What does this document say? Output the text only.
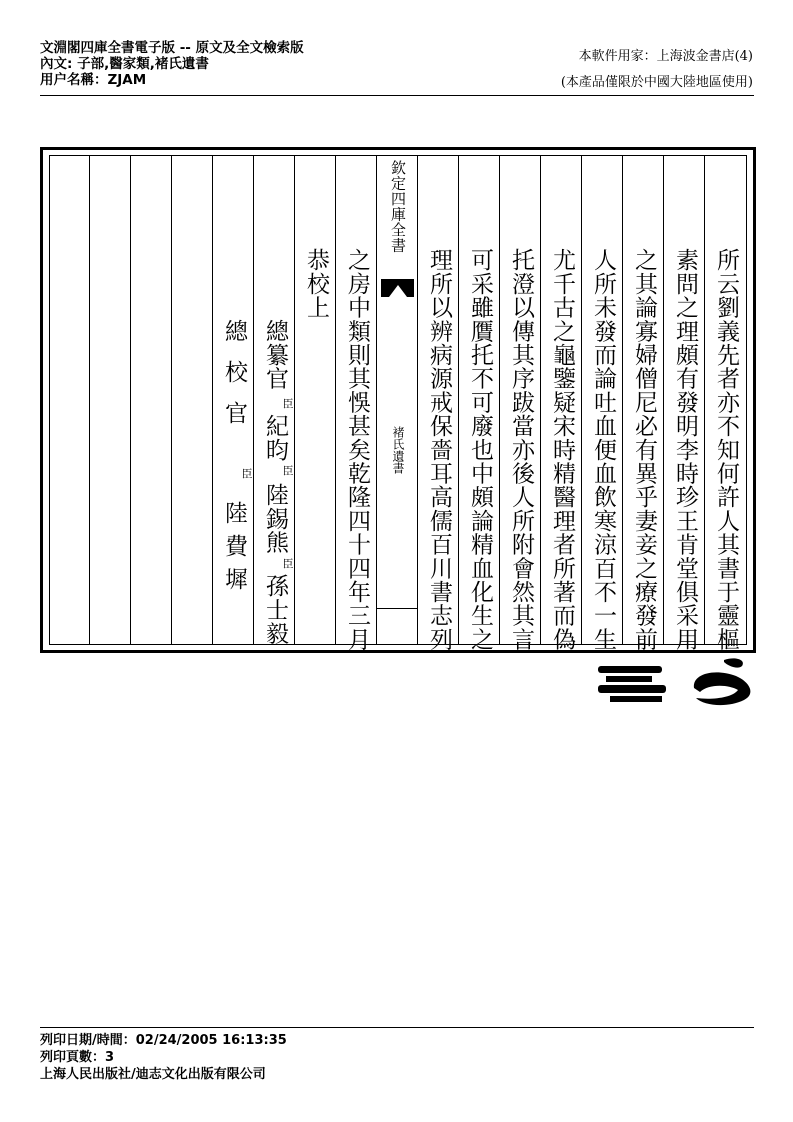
文淵閣四庫全書電子版 -- 原文及全文檢索版
內文: 子部,醫家類,褚氏遺書
用户名稱：ZJAM
本軟件用家：上海波金書店(4)
(本產品僅限於中國大陸地區使用)
所云劉義先者亦不知何許人其書于靈樞
素問之理頗有發明李時珍王肯堂俱采用
之其論寡婦僧尼必有異乎妻妾之療發前
人所未發而論吐血便血飲寒涼百不一生
尤千古之龜鑒疑宋時精醫理者所著而偽
托澄以傳其序跋當亦後人所附會然其言
可采雖贋托不可廢也中頗論精血化生之
理所以辨病源戒保嗇耳高儒百川書志列
欽定四庫全書
褚氏遺書
之房中類則其悞甚矣乾隆四十四年三月
恭校上
總纂官
臣
紀昀
臣
陸錫熊
臣
孫士毅
總校官
臣
陸費墀
列印日期/時間：02/24/2005 16:13:35
列印頁數：3
上海人民出版社/迪志文化出版有限公司
